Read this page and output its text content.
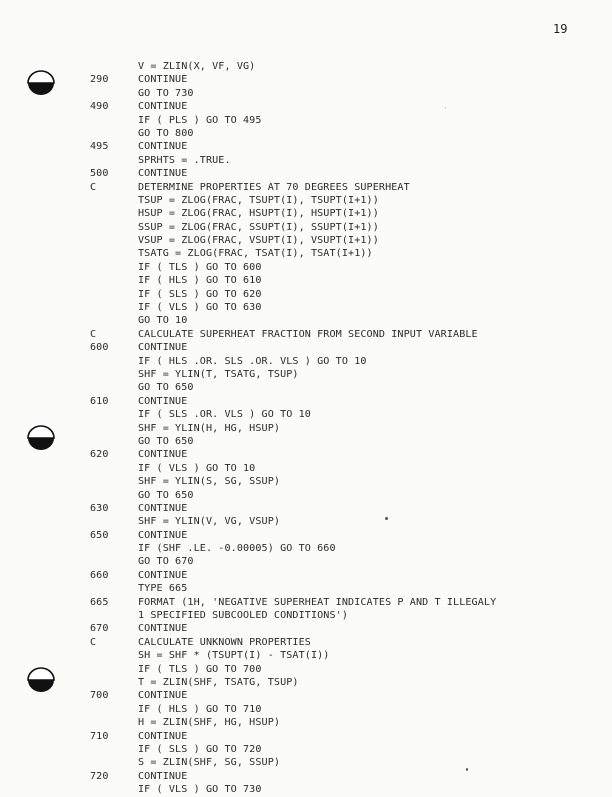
19
V = ZLIN(X, VF, VG)
290	CONTINUE
GO TO 730
490	CONTINUE
IF ( PLS ) GO TO 495
GO TO 800
495	CONTINUE
SPRHTS = .TRUE.
500	CONTINUE
C	DETERMINE PROPERTIES AT 70 DEGREES SUPERHEAT
TSUP = ZLOG(FRAC, TSUPT(I), TSUPT(I+1))
HSUP = ZLOG(FRAC, HSUPT(I), HSUPT(I+1))
SSUP = ZLOG(FRAC, SSUPT(I), SSUPT(I+1))
VSUP = ZLOG(FRAC, VSUPT(I), VSUPT(I+1))
TSATG = ZLOG(FRAC, TSAT(I), TSAT(I+1))
IF ( TLS ) GO TO 600
IF ( HLS ) GO TO 610
IF ( SLS ) GO TO 620
IF ( VLS ) GO TO 630
GO TO 10
C	CALCULATE SUPERHEAT FRACTION FROM SECOND INPUT VARIABLE
600	CONTINUE
IF ( HLS .OR. SLS .OR. VLS ) GO TO 10
SHF = YLIN(T, TSATG, TSUP)
GO TO 650
610	CONTINUE
IF ( SLS .OR. VLS ) GO TO 10
SHF = YLIN(H, HG, HSUP)
GO TO 650
620	CONTINUE
IF ( VLS ) GO TO 10
SHF = YLIN(S, SG, SSUP)
GO TO 650
630	CONTINUE
SHF = YLIN(V, VG, VSUP)
650	CONTINUE
IF (SHF .LE. -0.00005) GO TO 660
GO TO 670
660	CONTINUE
TYPE 665
665	FORMAT (1H, 'NEGATIVE SUPERHEAT INDICATES P AND T ILLEGALY
1 SPECIFIED SUBCOOLED CONDITIONS')
670	CONTINUE
C	CALCULATE UNKNOWN PROPERTIES
SH = SHF * (TSUPT(I) - TSAT(I))
IF ( TLS ) GO TO 700
T = ZLIN(SHF, TSATG, TSUP)
700	CONTINUE
IF ( HLS ) GO TO 710
H = ZLIN(SHF, HG, HSUP)
710	CONTINUE
IF ( SLS ) GO TO 720
S = ZLIN(SHF, SG, SSUP)
720	CONTINUE
IF ( VLS ) GO TO 730
